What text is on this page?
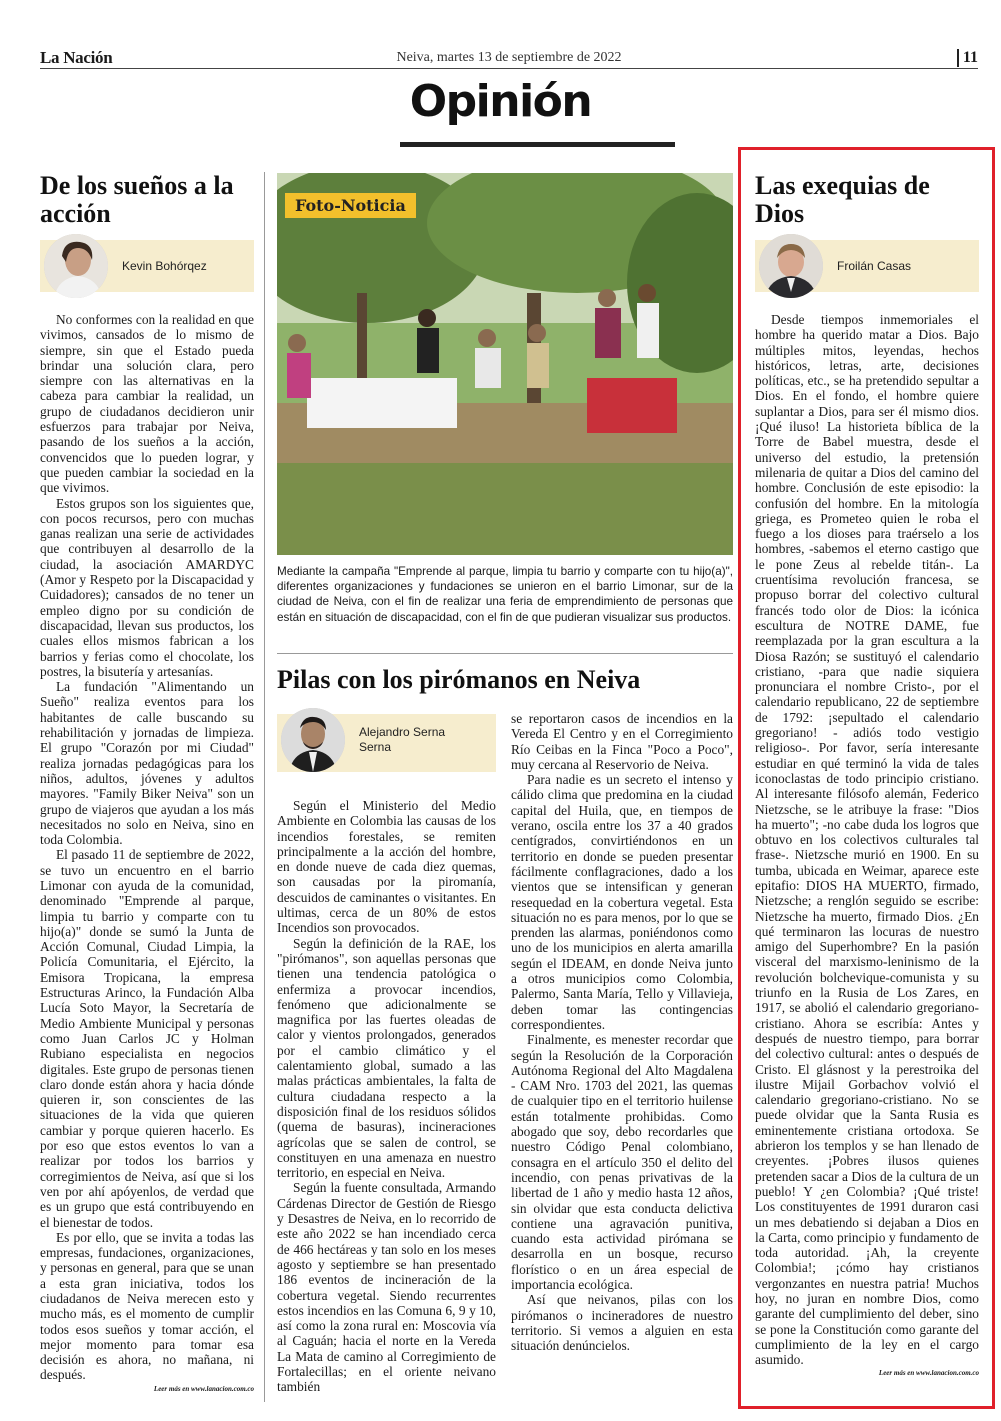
La Nación	Neiva, martes 13 de septiembre de 2022	11
Opinión
De los sueños a la acción
Kevin Bohórqez

No conformes con la realidad en que vivimos, cansados de lo mismo de siempre, sin que el Estado pueda brindar una solución clara, pero siempre con las alternativas en la cabeza para cambiar la realidad, un grupo de ciudadanos decidieron unir esfuerzos para trabajar por Neiva, pasando de los sueños a la acción, convencidos que lo pueden lograr, y que pueden cambiar la sociedad en la que vivimos.

Estos grupos son los siguientes que, con pocos recursos, pero con muchas ganas realizan una serie de actividades que contribuyen al desarrollo de la ciudad, la asociación AMARDYC (Amor y Respeto por la Discapacidad y Cuidadores); cansados de no tener un empleo digno por su condición de discapacidad, llevan sus productos, los cuales ellos mismos fabrican a los barrios y ferias como el chocolate, los postres, la bisutería y artesanías.

La fundación "Alimentando un Sueño" realiza eventos para los habitantes de calle buscando su rehabilitación y jornadas de limpieza. El grupo "Corazón por mi Ciudad" realiza jornadas pedagógicas para los niños, adultos, jóvenes y adultos mayores. "Family Biker Neiva" son un grupo de viajeros que ayudan a los más necesitados no solo en Neiva, sino en toda Colombia.

El pasado 11 de septiembre de 2022, se tuvo un encuentro en el barrio Limonar con ayuda de la comunidad, denominado "Emprende al parque, limpia tu barrio y comparte con tu hijo(a)" donde se sumó la Junta de Acción Comunal, Ciudad Limpia, la Policía Comunitaria, el Ejército, la Emisora Tropicana, la empresa Estructuras Arinco, la Fundación Alba Lucía Soto Mayor, la Secretaría de Medio Ambiente Municipal y personas como Juan Carlos JC y Holman Rubiano especialista en negocios digitales. Este grupo de personas tienen claro donde están ahora y hacia dónde quieren ir, son conscientes de las situaciones de la vida que quieren cambiar y porque quieren hacerlo. Es por eso que estos eventos lo van a realizar por todos los barrios y corregimientos de Neiva, así que si los ven por ahí apóyenlos, de verdad que es un grupo que está contribuyendo en el bienestar de todos.

Es por ello, que se invita a todas las empresas, fundaciones, organizaciones, y personas en general, para que se unan a esta gran iniciativa, todos los ciudadanos de Neiva merecen esto y mucho más, es el momento de cumplir todos esos sueños y tomar acción, el mejor momento para tomar esa decisión es ahora, no mañana, ni después.

Leer más en www.lanacion.com.co
Foto-Noticia
Mediante la campaña "Emprende al parque, limpia tu barrio y comparte con tu hijo(a)", diferentes organizaciones y fundaciones se unieron en el barrio Limonar, sur de la ciudad de Neiva, con el fin de realizar una feria de emprendimiento de personas que están en situación de discapacidad, con el fin de que pudieran visualizar sus productos.
Pilas con los pirómanos en Neiva
Alejandro Serna Serna

Según el Ministerio del Medio Ambiente en Colombia las causas de los incendios forestales, se remiten principalmente a la acción del hombre, en donde nueve de cada diez quemas, son causadas por la piromanía, descuidos de caminantes o visitantes. En ultimas, cerca de un 80% de estos Incendios son provocados.

Según la definición de la RAE, los "pirómanos", son aquellas personas que tienen una tendencia patológica o enfermiza a provocar incendios, fenómeno que adicionalmente se magnifica por las fuertes oleadas de calor y vientos prolongados, generados por el cambio climático y el calentamiento global, sumado a las malas prácticas ambientales, la falta de cultura ciudadana respecto a la disposición final de los residuos sólidos (quema de basuras), incineraciones agrícolas que se salen de control, se constituyen en una amenaza en nuestro territorio, en especial en Neiva.

Según la fuente consultada, Armando Cárdenas Director de Gestión de Riesgo y Desastres de Neiva, en lo recorrido de este año 2022 se han incendiado cerca de 466 hectáreas y tan solo en los meses agosto y septiembre se han presentado 186 eventos de incineración de la cobertura vegetal. Siendo recurrentes estos incendios en las Comuna 6, 9 y 10, así como la zona rural en: Moscovia vía al Caguán; hacia el norte en la Vereda La Mata de camino al Corregimiento de Fortalecillas; en el oriente neivano también

se reportaron casos de incendios en la Vereda El Centro y en el Corregimiento Río Ceibas en la Finca "Poco a Poco", muy cercana al Reservorio de Neiva.

Para nadie es un secreto el intenso y cálido clima que predomina en la ciudad capital del Huila, que, en tiempos de verano, oscila entre los 37 a 40 grados centígrados, convirtiéndonos en un territorio en donde se pueden presentar fácilmente conflagraciones, dado a los vientos que se intensifican y generan resequedad en la cobertura vegetal. Esta situación no es para menos, por lo que se prenden las alarmas, poniéndonos como uno de los municipios en alerta amarilla según el IDEAM, en donde Neiva junto a otros municipios como Colombia, Palermo, Santa María, Tello y Villavieja, deben tomar las contingencias correspondientes.

Finalmente, es menester recordar que según la Resolución de la Corporación Autónoma Regional del Alto Magdalena - CAM Nro. 1703 del 2021, las quemas de cualquier tipo en el territorio huilense están totalmente prohibidas. Como abogado que soy, debo recordarles que nuestro Código Penal colombiano, consagra en el artículo 350 el delito del incendio, con penas privativas de la libertad de 1 año y medio hasta 12 años, sin olvidar que esta conducta delictiva contiene una agravación punitiva, cuando esta actividad pirómana se desarrolla en un bosque, recurso florístico o en un área especial de importancia ecológica.

Así que neivanos, pilas con los pirómanos o incineradores de nuestro territorio. Si vemos a alguien en esta situación denúncielos.

Las exequias de Dios
Froilán Casas

Desde tiempos inmemoriales el hombre ha querido matar a Dios. Bajo múltiples mitos, leyendas, hechos históricos, letras, arte, decisiones políticas, etc., se ha pretendido sepultar a Dios. En el fondo, el hombre quiere suplantar a Dios, para ser él mismo dios. ¡Qué iluso! La historieta bíblica de la Torre de Babel muestra, desde el universo del estudio, la pretensión milenaria de quitar a Dios del camino del hombre. Conclusión de este episodio: la confusión del hombre. En la mitología griega, es Prometeo quien le roba el fuego a los dioses para traérselo a los hombres, -sabemos el eterno castigo que le pone Zeus al rebelde titán-. La cruentísima revolución francesa, se propuso borrar del colectivo cultural francés todo olor de Dios: la icónica escultura de NOTRE DAME, fue reemplazada por la gran escultura a la Diosa Razón; se sustituyó el calendario cristiano, -para que nadie siquiera pronunciara el nombre Cristo-, por el calendario republicano, 22 de septiembre de 1792: ¡sepultado el calendario gregoriano! - adiós todo vestigio religioso-. Por favor, sería interesante estudiar en qué terminó la vida de tales iconoclastas de todo principio cristiano. Al interesante filósofo alemán, Federico Nietzsche, se le atribuye la frase: "Dios ha muerto"; -no cabe duda los logros que obtuvo en los colectivos culturales tal frase-. Nietzsche murió en 1900. En su tumba, ubicada en Weimar, aparece este epitafio: DIOS HA MUERTO, firmado, Nietzsche; a renglón seguido se escribe: Nietzsche ha muerto, firmado Dios. ¿En qué terminaron las locuras de nuestro amigo del Superhombre? En la pasión visceral del marxismo-leninismo de la revolución bolchevique-comunista y su triunfo en la Rusia de Los Zares, en 1917, se abolió el calendario gregoriano-cristiano. Ahora se escribía: Antes y después de nuestro tiempo, para borrar del colectivo cultural: antes o después de Cristo. El glásnost y la perestroika del ilustre Mijail Gorbachov volvió el calendario gregoriano-cristiano. No se puede olvidar que la Santa Rusia es eminentemente cristiana ortodoxa. Se abrieron los templos y se han llenado de creyentes. ¡Pobres ilusos quienes pretenden sacar a Dios de la cultura de un pueblo! Y ¿en Colombia? ¡Qué triste! Los constituyentes de 1991 duraron casi un mes debatiendo si dejaban a Dios en la Carta, como principio y fundamento de toda autoridad. ¡Ah, la creyente Colombia!; ¡cómo hay cristianos vergonzantes en nuestra patria! Muchos hoy, no juran en nombre Dios, como garante del cumplimiento del deber, sino se pone la Constitución como garante del cumplimiento de la ley en el cargo asumido.

Leer más en www.lanacion.com.co
